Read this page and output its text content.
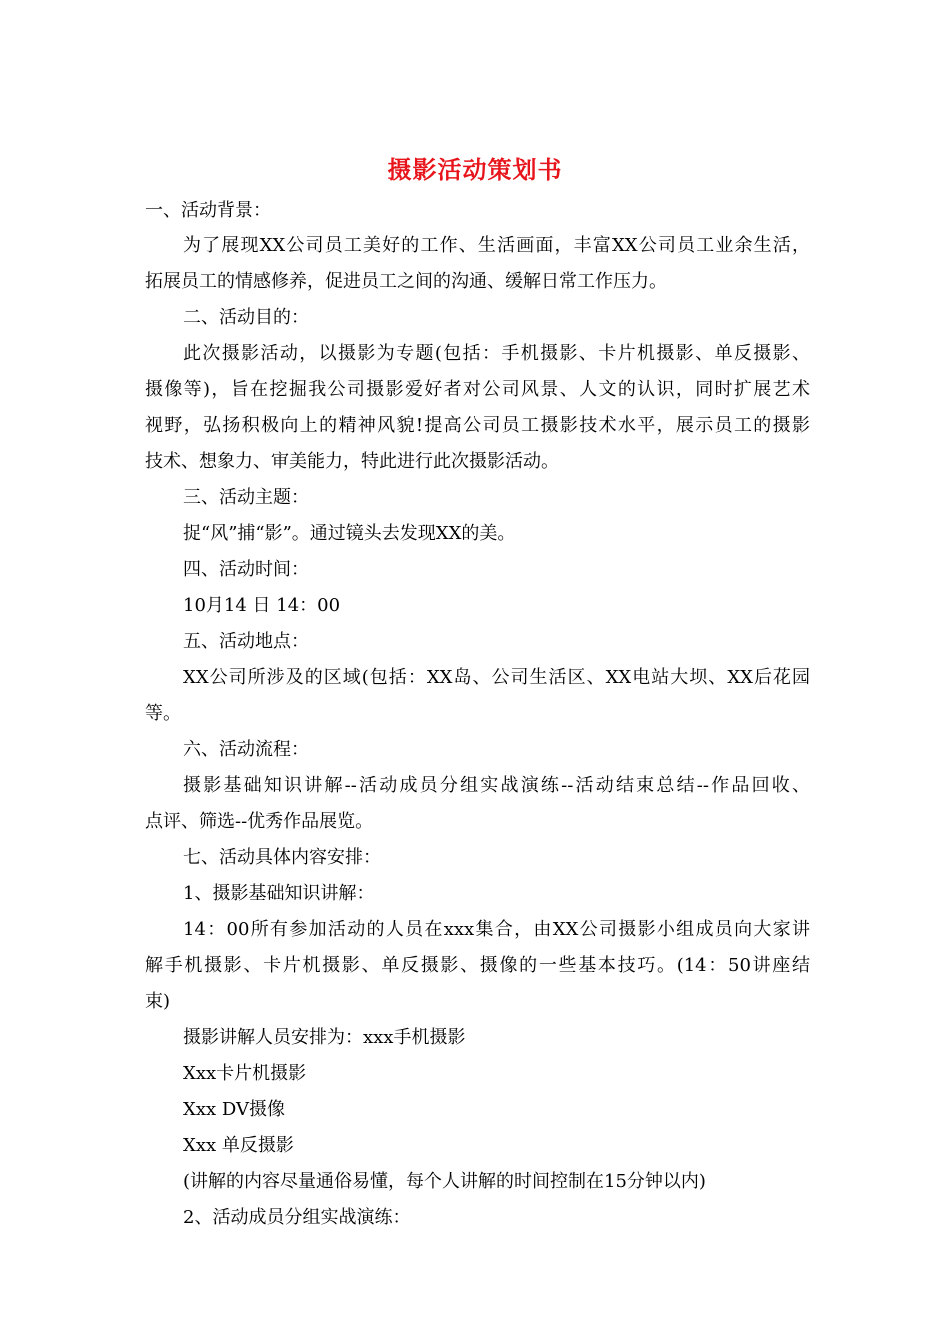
摄影活动策划书
一、活动背景：
为了展现XX公司员工美好的工作、生活画面，丰富XX公司员工业余生活，
拓展员工的情感修养，促进员工之间的沟通、缓解日常工作压力。
二、活动目的：
此次摄影活动，以摄影为专题(包括：手机摄影、卡片机摄影、单反摄影、
摄像等)，旨在挖掘我公司摄影爱好者对公司风景、人文的认识，同时扩展艺术
视野，弘扬积极向上的精神风貌!提高公司员工摄影技术水平，展示员工的摄影
技术、想象力、审美能力，特此进行此次摄影活动。
三、活动主题：
捉“风”捕“影”。通过镜头去发现XX的美。
四、活动时间：
10月14 日 14：00
五、活动地点：
XX公司所涉及的区域(包括：XX岛、公司生活区、XX电站大坝、XX后花园
等。
六、活动流程：
摄影基础知识讲解--活动成员分组实战演练--活动结束总结--作品回收、
点评、筛选--优秀作品展览。
七、活动具体内容安排：
1、摄影基础知识讲解：
14：00所有参加活动的人员在xxx集合，由XX公司摄影小组成员向大家讲
解手机摄影、卡片机摄影、单反摄影、摄像的一些基本技巧。(14：50讲座结
束)
摄影讲解人员安排为：xxx手机摄影
Xxx卡片机摄影
Xxx DV摄像
Xxx 单反摄影
(讲解的内容尽量通俗易懂，每个人讲解的时间控制在15分钟以内)
2、活动成员分组实战演练：
